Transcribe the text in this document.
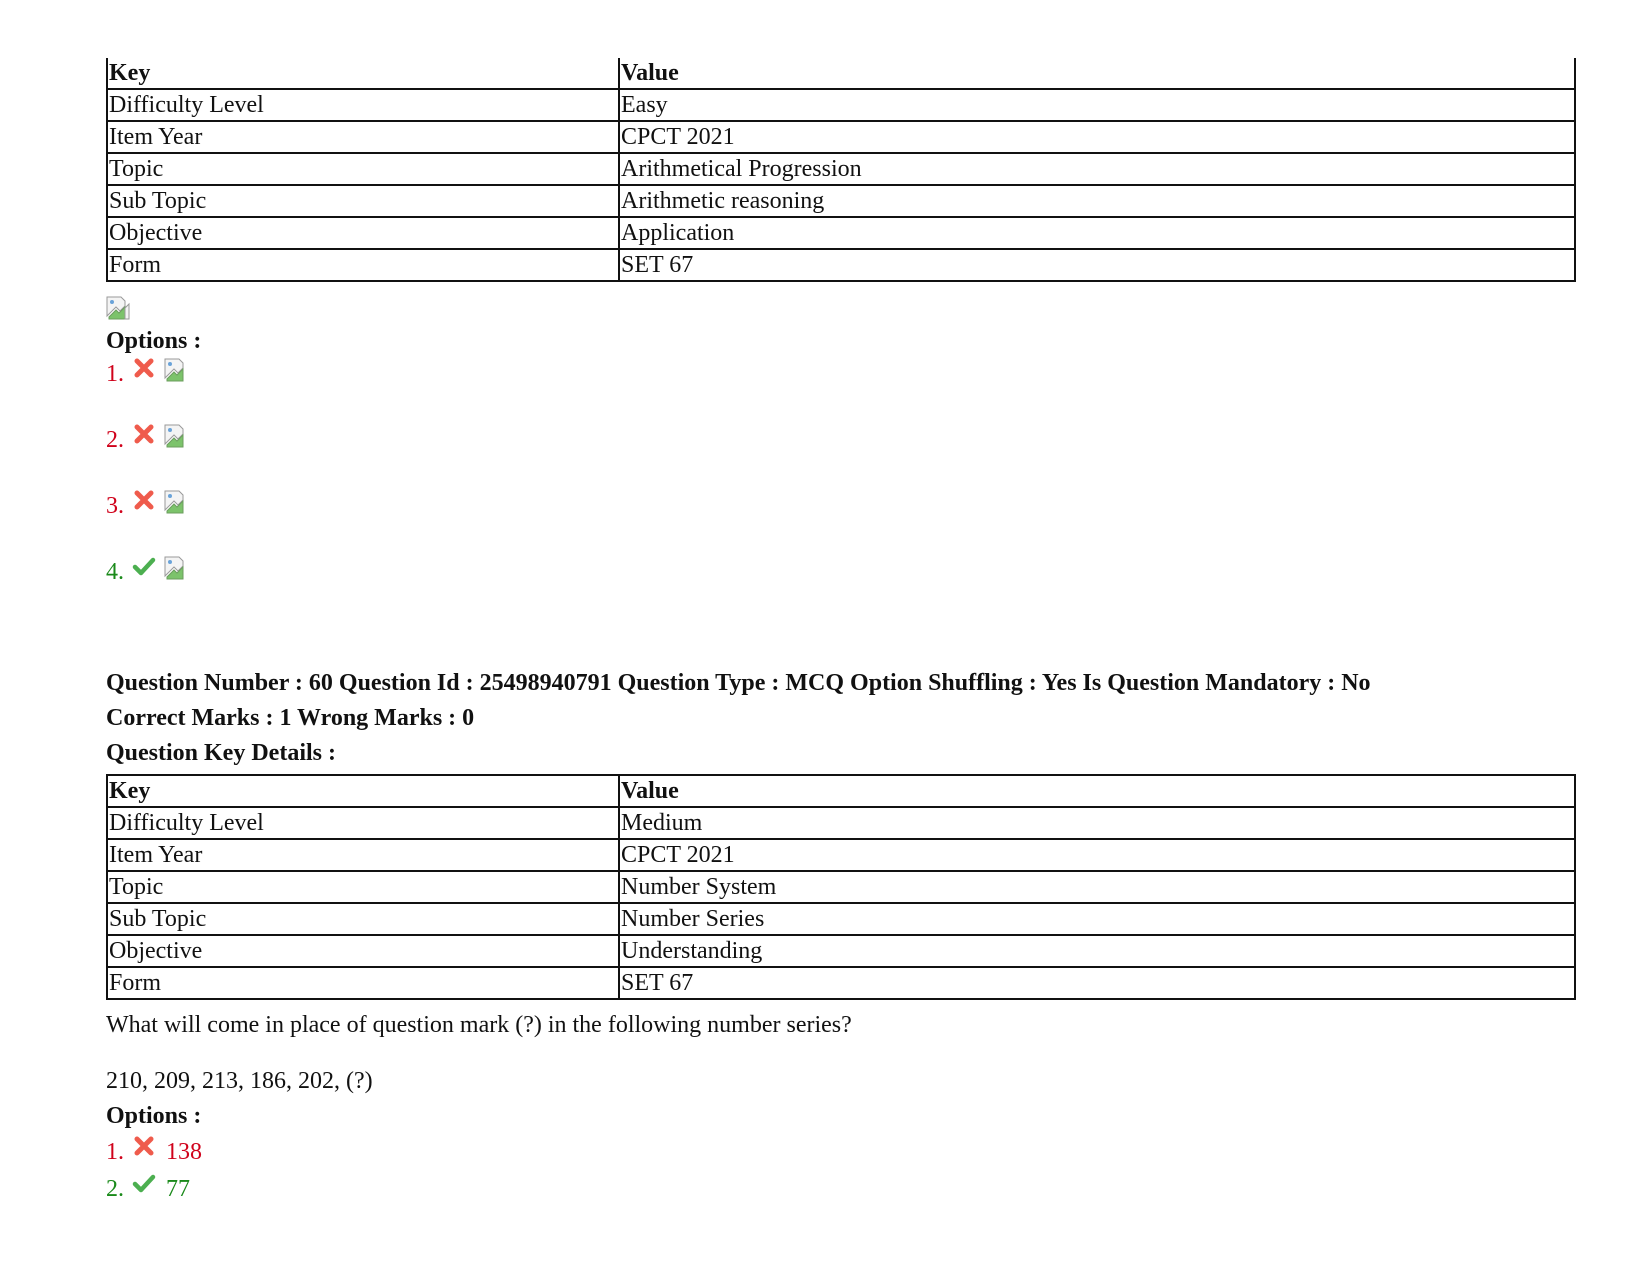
Key	Value
Difficulty Level	Easy
Item Year	CPCT 2021
Topic	Arithmetical Progression
Sub Topic	Arithmetic reasoning
Objective	Application
Form	SET 67
Options :
1.
2.
3.
4.
Question Number : 60 Question Id : 25498940791 Question Type : MCQ Option Shuffling : Yes Is Question Mandatory : No
Correct Marks : 1 Wrong Marks : 0
Question Key Details :
Key	Value
Difficulty Level	Medium
Item Year	CPCT 2021
Topic	Number System
Sub Topic	Number Series
Objective	Understanding
Form	SET 67
What will come in place of question mark (?) in the following number series?
210, 209, 213, 186, 202, (?)
Options :
1. 138
2. 77
